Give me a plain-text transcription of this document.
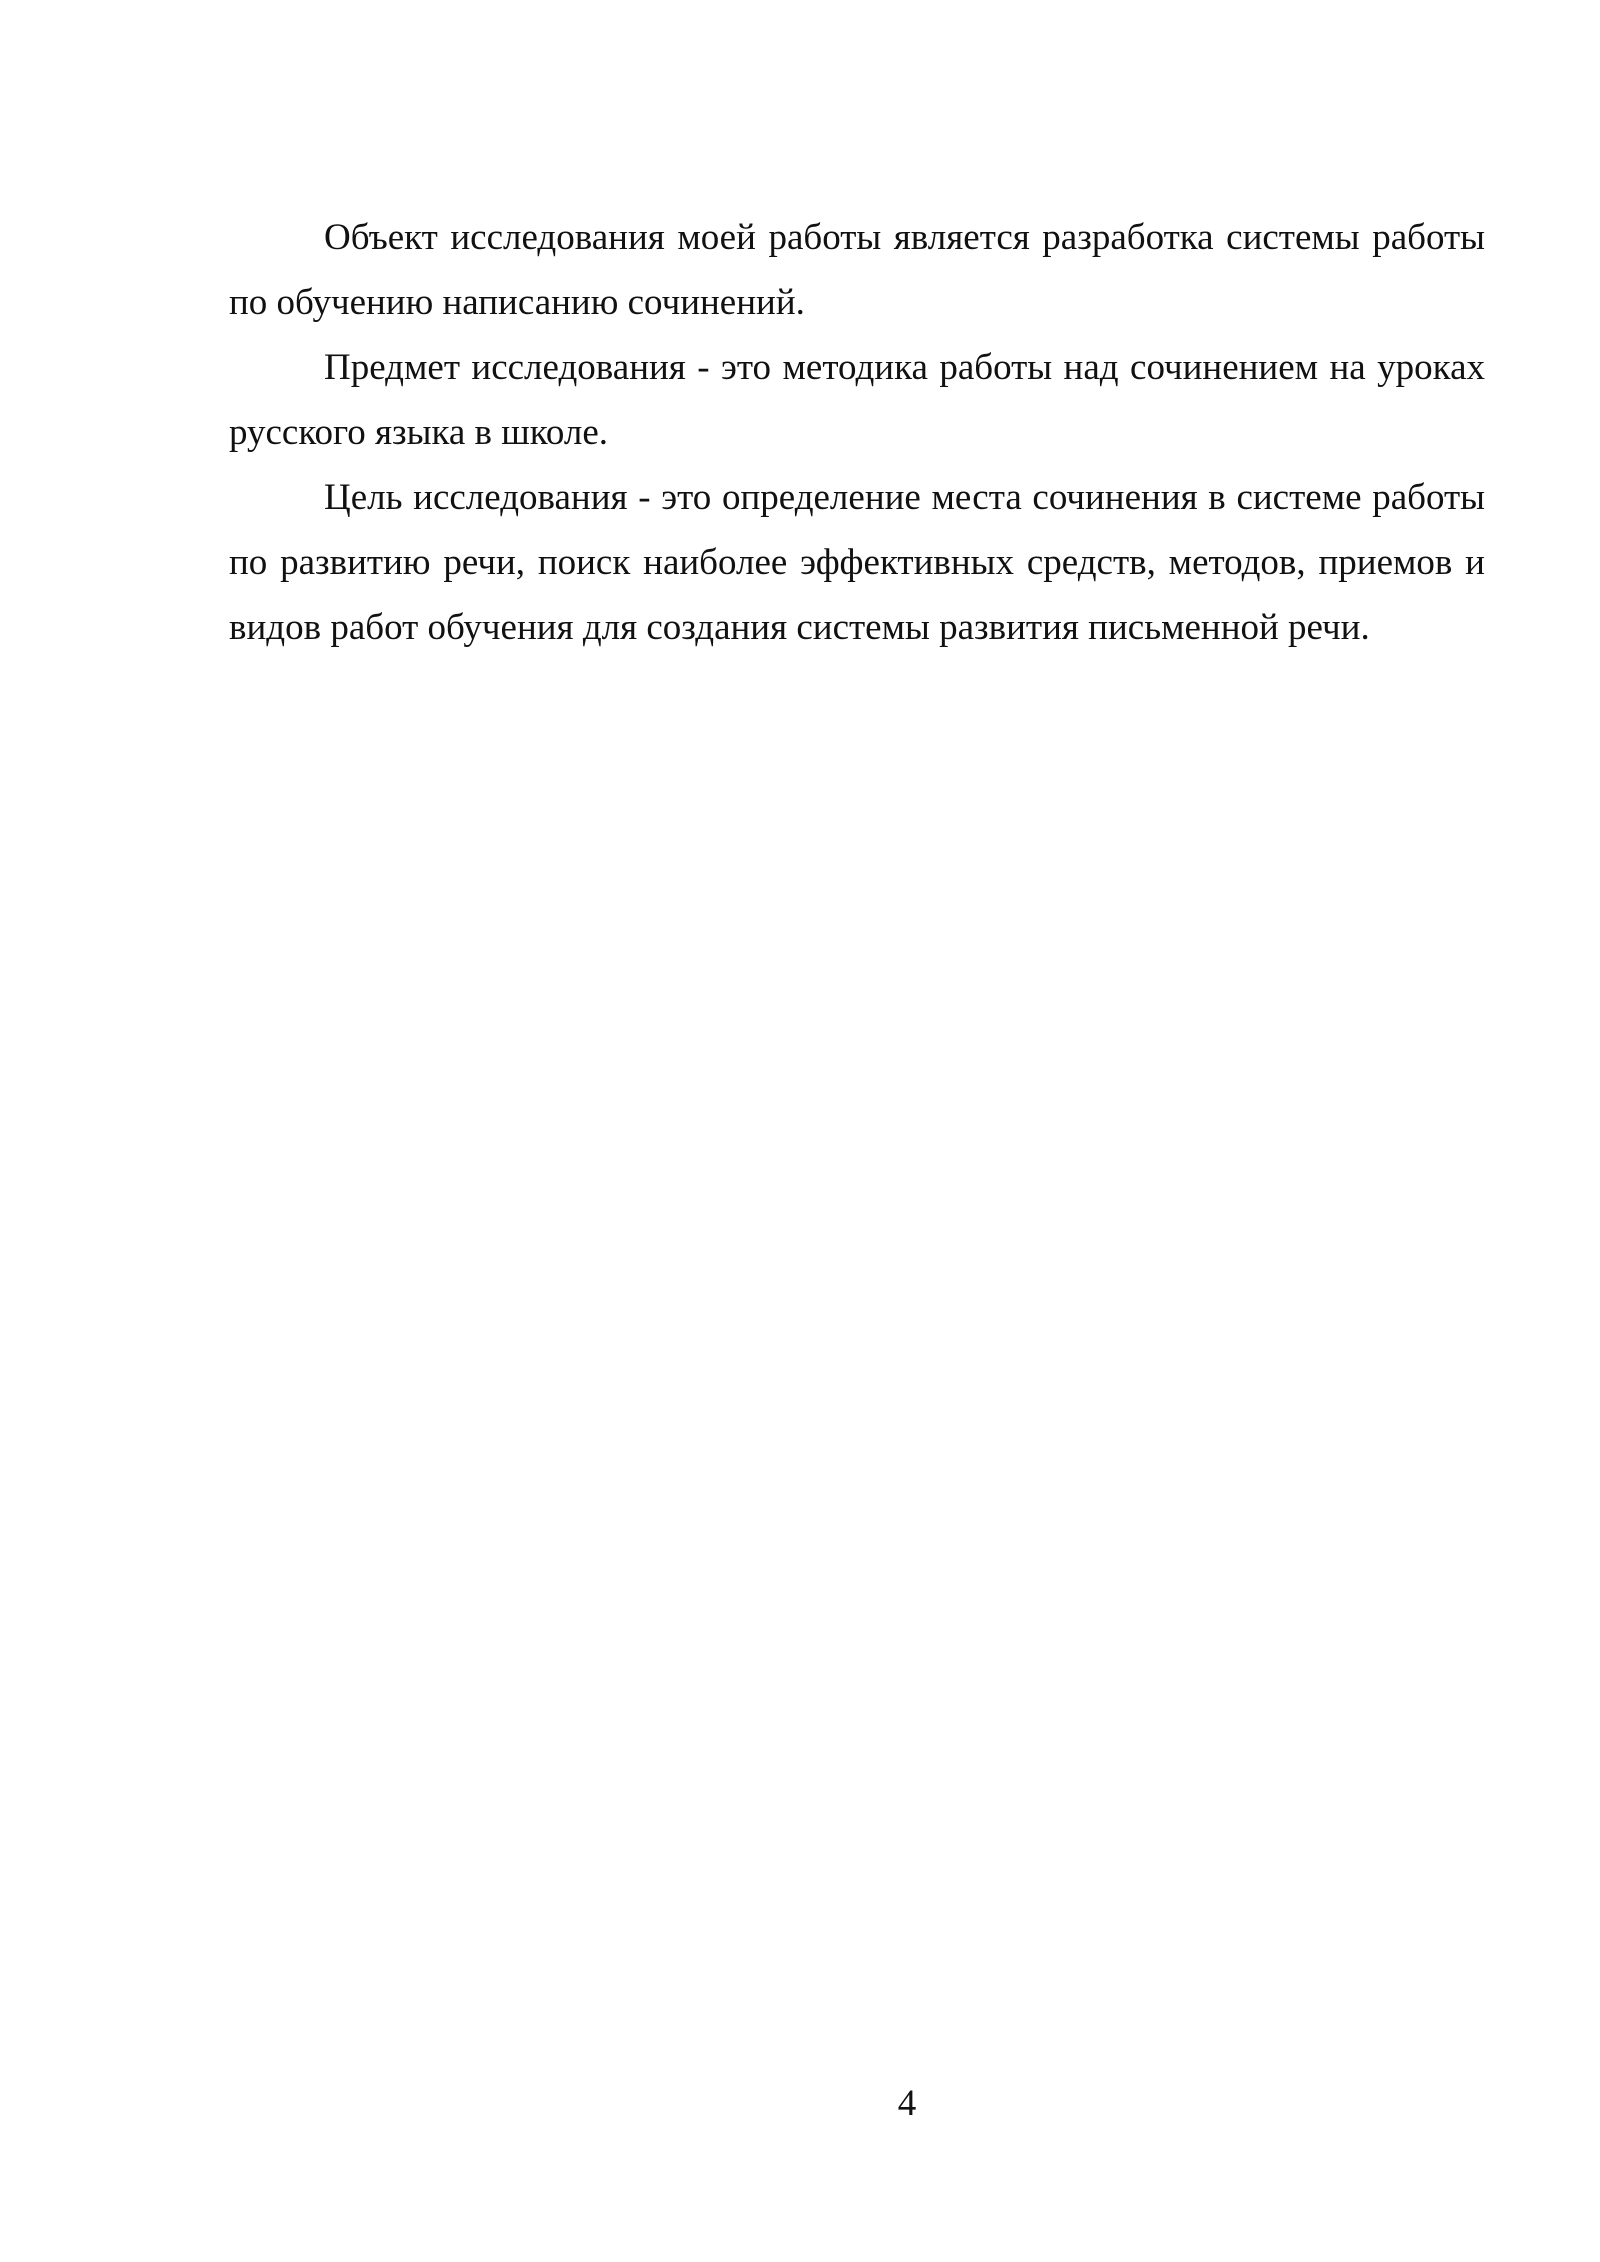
Объект исследования моей работы является разработка системы работы по обучению написанию сочинений.

Предмет исследования - это методика работы над сочинением на уроках русского языка в школе.

Цель исследования - это определение места сочинения в системе работы по развитию речи, поиск наиболее эффективных средств, методов, приемов и видов работ обучения для создания системы развития письменной речи.

4
